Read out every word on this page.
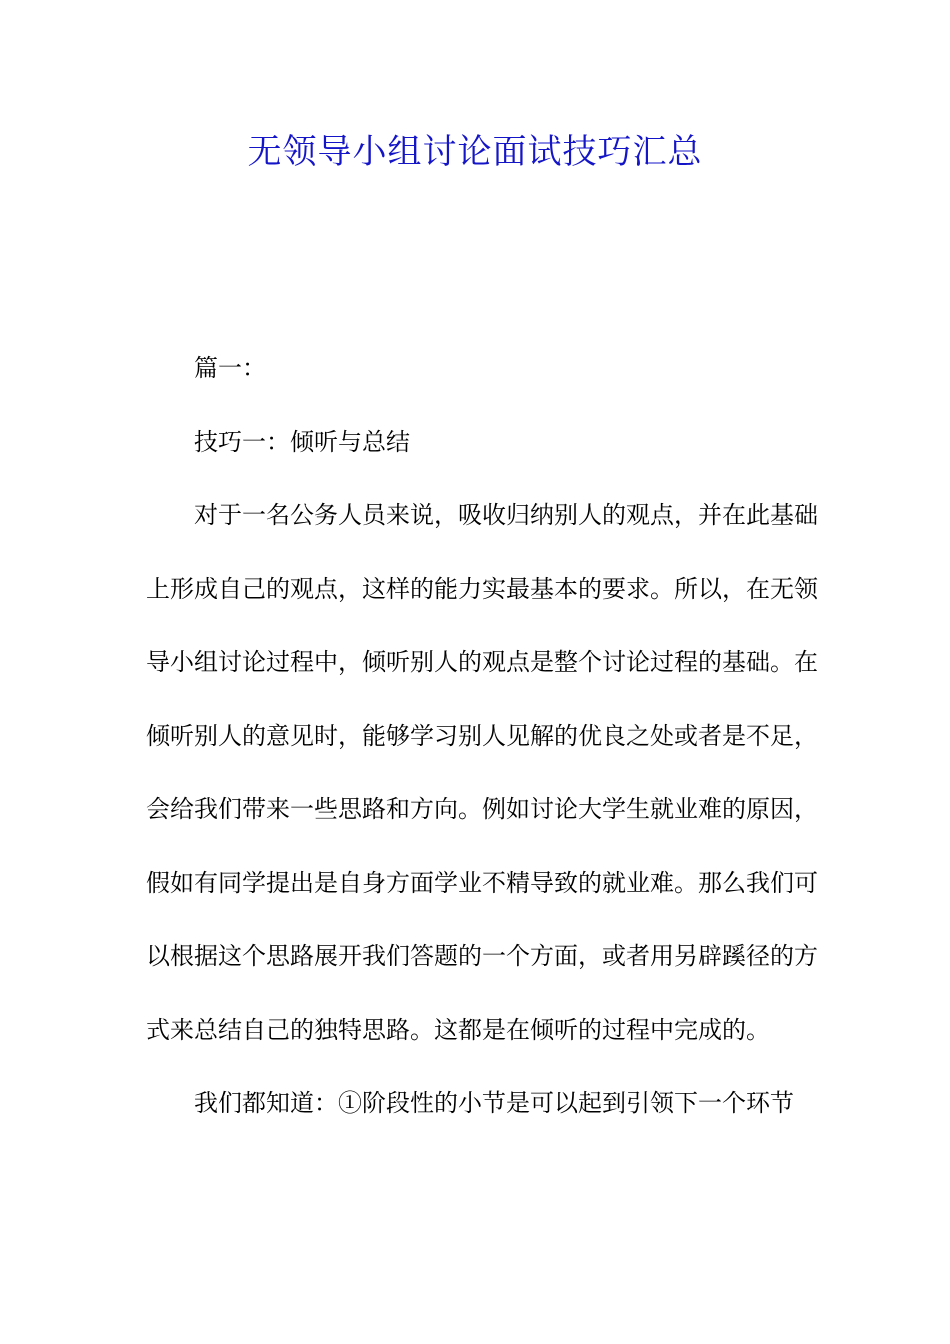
无领导小组讨论面试技巧汇总

篇一：

技巧一：倾听与总结

对于一名公务人员来说，吸收归纳别人的观点，并在此基础上形成自己的观点，这样的能力实最基本的要求。所以，在无领导小组讨论过程中，倾听别人的观点是整个讨论过程的基础。在倾听别人的意见时，能够学习别人见解的优良之处或者是不足，会给我们带来一些思路和方向。例如讨论大学生就业难的原因，假如有同学提出是自身方面学业不精导致的就业难。那么我们可以根据这个思路展开我们答题的一个方面，或者用另辟蹊径的方式来总结自己的独特思路。这都是在倾听的过程中完成的。

我们都知道：①阶段性的小节是可以起到引领下一个环节
